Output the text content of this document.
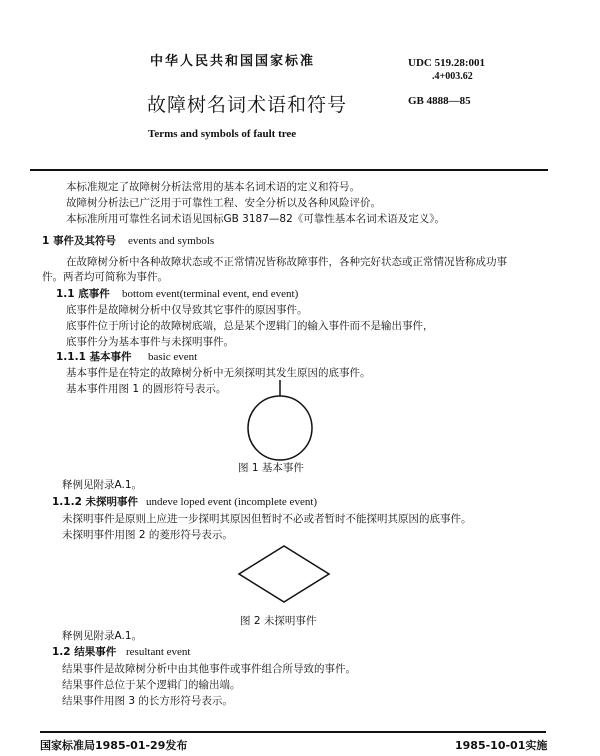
中华人民共和国国家标准	UDC 519.28:001
.4+003.62
故障树名词术语和符号	GB 4888—85
Terms and symbols of fault tree
本标准规定了故障树分析法常用的基本名词术语的定义和符号。
故障树分析法已广泛用于可靠性工程、安全分析以及各种风险评价。
本标准所用可靠性名词术语见国标GB 3187—82《可靠性基本名词术语及定义》。
1 事件及其符号 events and symbols
在故障树分析中各种故障状态或不正常情况皆称故障事件，各种完好状态或正常情况皆称成功事
件。两者均可简称为事件。
1.1 底事件 bottom event(terminal event, end event)
底事件是故障树分析中仅导致其它事件的原因事件。
底事件位于所讨论的故障树底端，总是某个逻辑门的输入事件而不是输出事件，
底事件分为基本事件与未探明事件。
1.1.1 基本事件 basic event
基本事件是在特定的故障树分析中无须探明其发生原因的底事件。
基本事件用图 1 的圆形符号表示。
图 1 基本事件
释例见附录A.1。
1.1.2 未探明事件 undeve loped event (incomplete event)
未探明事件是原则上应进一步探明其原因但暂时不必或者暂时不能探明其原因的底事件。
未探明事件用图 2 的菱形符号表示。
图 2 未探明事件
释例见附录A.1。
1.2 结果事件 resultant event
结果事件是故障树分析中由其他事件或事件组合所导致的事件。
结果事件总位于某个逻辑门的输出端。
结果事件用图 3 的长方形符号表示。
国家标准局1985-01-29发布	1985-10-01实施
